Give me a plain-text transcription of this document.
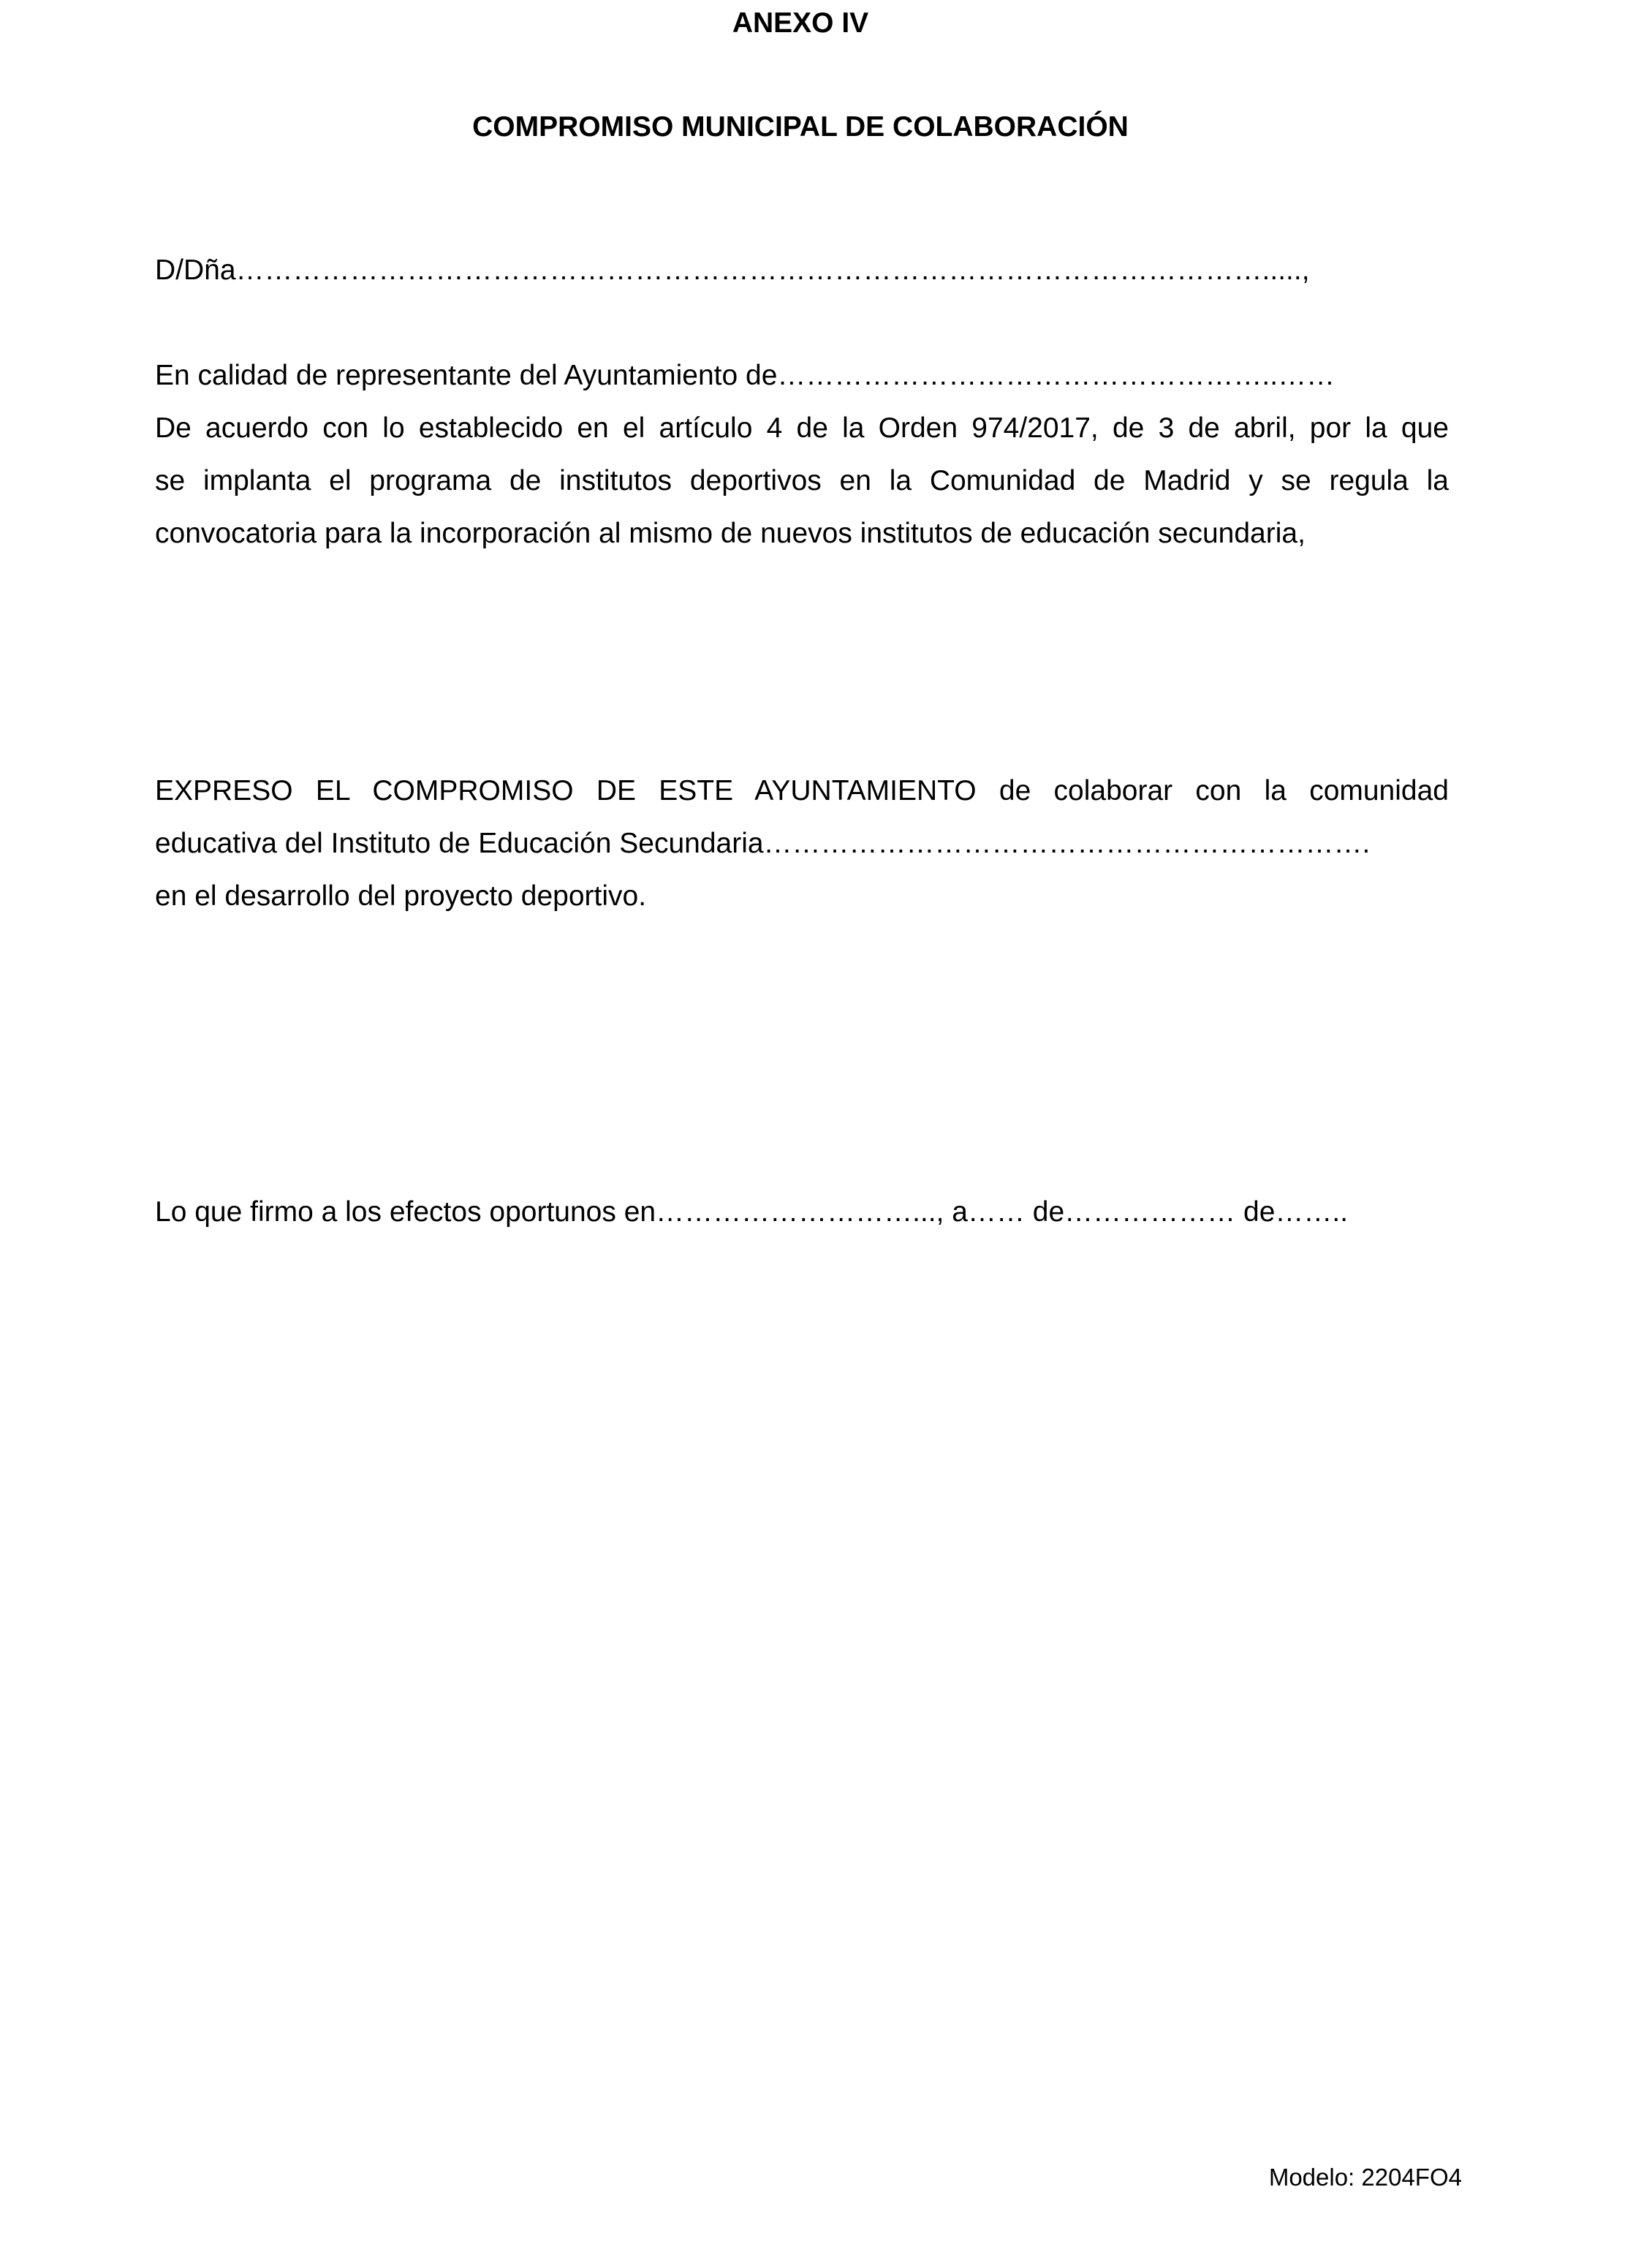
ANEXO IV
COMPROMISO MUNICIPAL DE COLABORACIÓN

D/Dña……………………………………………………………………………………………….....,

En calidad de representante del Ayuntamiento de……………………………………………..……
De acuerdo con lo establecido en el artículo 4 de la Orden 974/2017, de 3 de abril, por la que
se implanta el programa de institutos deportivos en la Comunidad de Madrid y se regula la
convocatoria para la incorporación al mismo de nuevos institutos de educación secundaria,
EXPRESO EL COMPROMISO DE ESTE AYUNTAMIENTO de colaborar con la comunidad
educativa del Instituto de Educación Secundaria……………………………………………………….
en el desarrollo del proyecto deportivo.

Lo que firmo a los efectos oportunos en………………………..., a…… de……………… de……..

Modelo: 2204FO4
